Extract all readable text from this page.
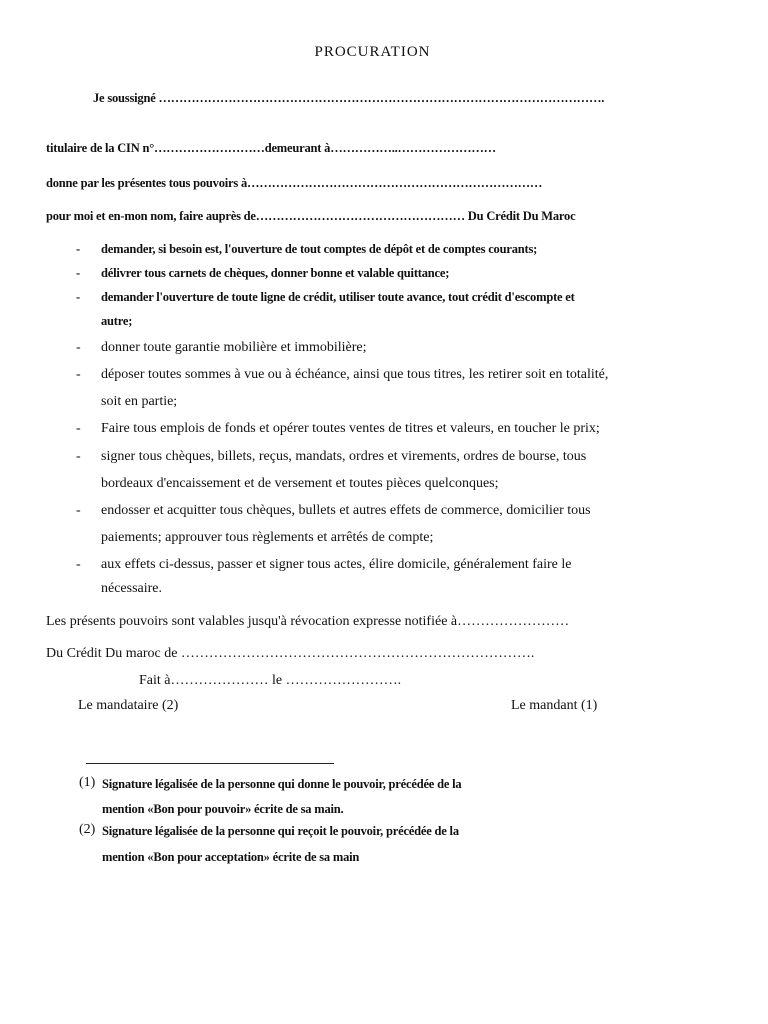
PROCURATION
Je soussigné ……………………………………………………………………………………………….
titulaire de la CIN n°………………………demeurant à……………..……………………
donne par les présentes tous pouvoirs à………………………………………………………………
pour moi et en-mon nom, faire auprès de…………………………………………… Du Crédit Du Maroc
- demander, si besoin est, l'ouverture de tout comptes de dépôt et de comptes courants;
- délivrer tous carnets de chèques, donner bonne et valable quittance;
- demander l'ouverture de toute ligne de crédit, utiliser toute avance, tout crédit d'escompte et
autre;
- donner toute garantie mobilière et immobilière;
- déposer toutes sommes à vue ou à échéance, ainsi que tous titres, les retirer soit en totalité,
soit en partie;
- Faire tous emplois de fonds et opérer toutes ventes de titres et valeurs, en toucher le prix;
- signer tous chèques, billets, reçus, mandats, ordres et virements, ordres de bourse, tous
bordeaux d'encaissement et de versement et toutes pièces quelconques;
- endosser et acquitter tous chèques, bullets et autres effets de commerce, domicilier tous
paiements; approuver tous règlements et arrêtés de compte;
- aux effets ci-dessus, passer et signer tous actes, élire domicile, généralement faire le
nécessaire.
Les présents pouvoirs sont valables jusqu'à révocation expresse notifiée à……………………
Du Crédit Du maroc de ………………………………………………………………….
Fait à………………… le …………………….
Le mandataire (2)	Le mandant (1)
(1) Signature légalisée de la personne qui donne le pouvoir, précédée de la
mention «Bon pour pouvoir» écrite de sa main.
(2) Signature légalisée de la personne qui reçoit le pouvoir, précédée de la
mention «Bon pour acceptation» écrite de sa main
